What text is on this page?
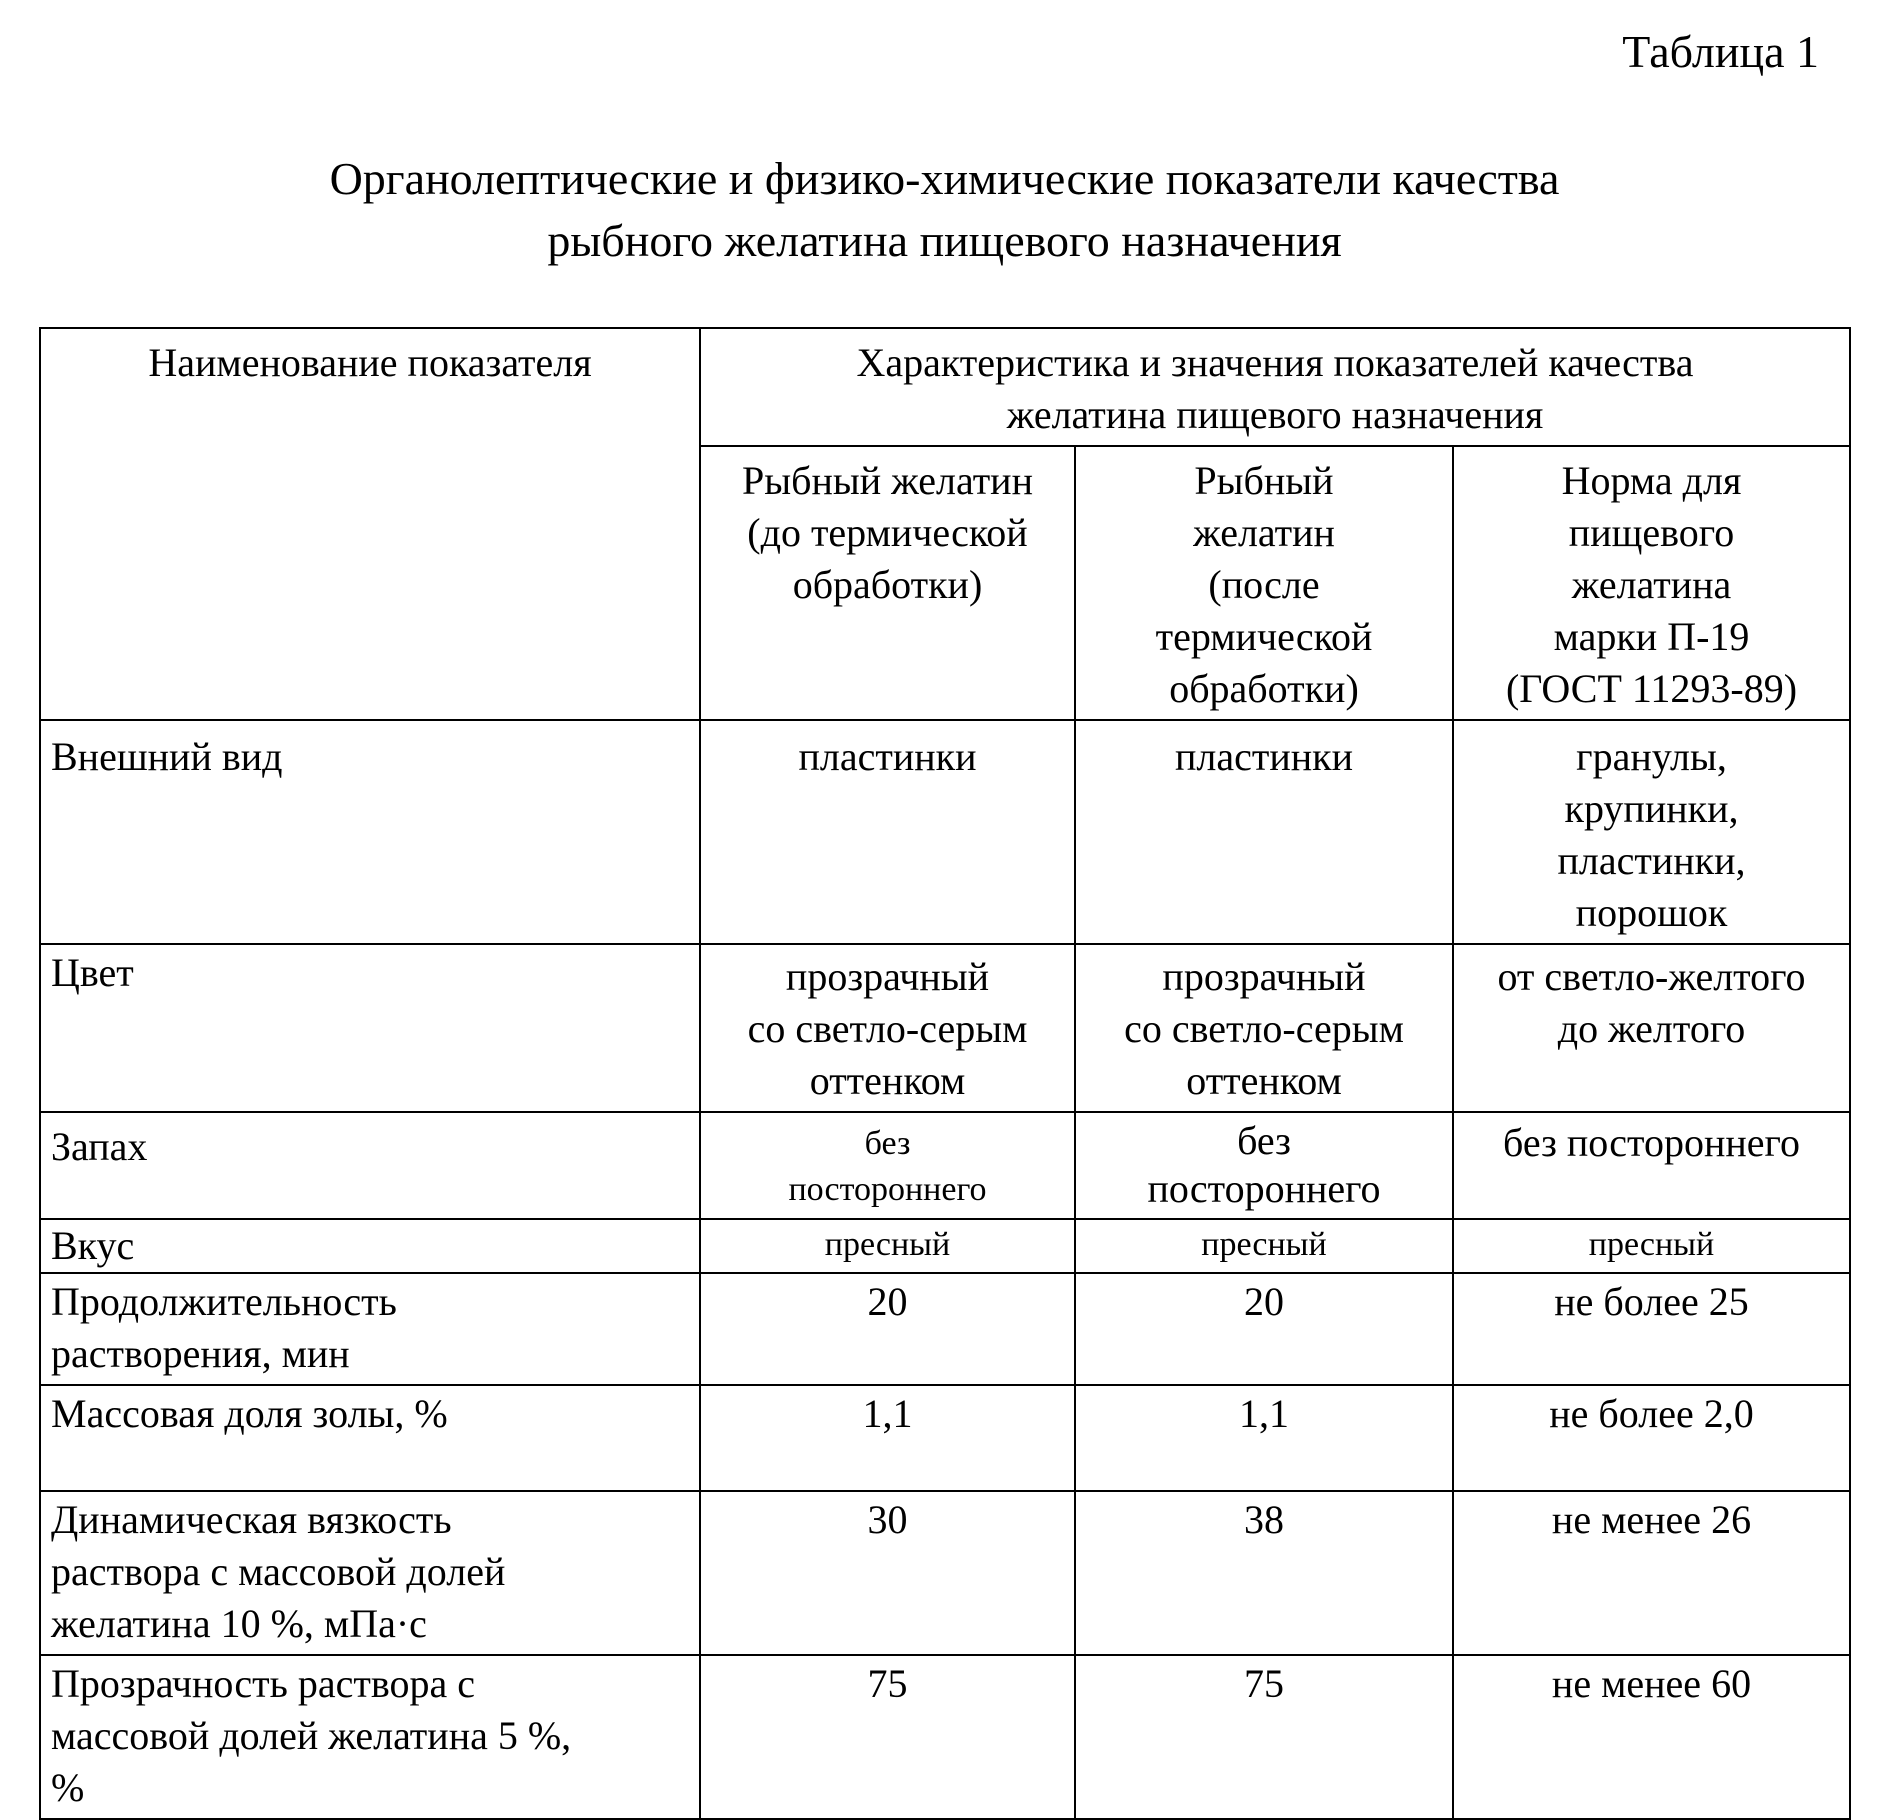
Таблица 1
Органолептические и физико-химические показатели качества
рыбного желатина пищевого назначения
Наименование показателя	Характеристика и значения показателей качества
желатина пищевого назначения		

	Рыбный желатин
(до термической
обработки)	Рыбный
желатин
(после
термической
обработки)	Норма для
пищевого
желатина
марки П-19
(ГОСТ 11293-89)

Внешний вид	пластинки	пластинки	гранулы,
крупинки,
пластинки,
порошок

Цвет	прозрачный
со светло-серым
оттенком	прозрачный
со светло-серым
оттенком	от светло-желтого
до желтого

Запах	без
постороннего	без
постороннего	без постороннего

Вкус	пресный	пресный	пресный

Продолжительность
растворения, мин	20	20	не более 25

Массовая доля золы, %	1,1	1,1	не более 2,0

Динамическая вязкость
раствора с массовой долей
желатина 10 %, мПа·с	30	38	не менее 26

Прозрачность раствора с
массовой долей желатина 5 %,
%	75	75	не менее 60
